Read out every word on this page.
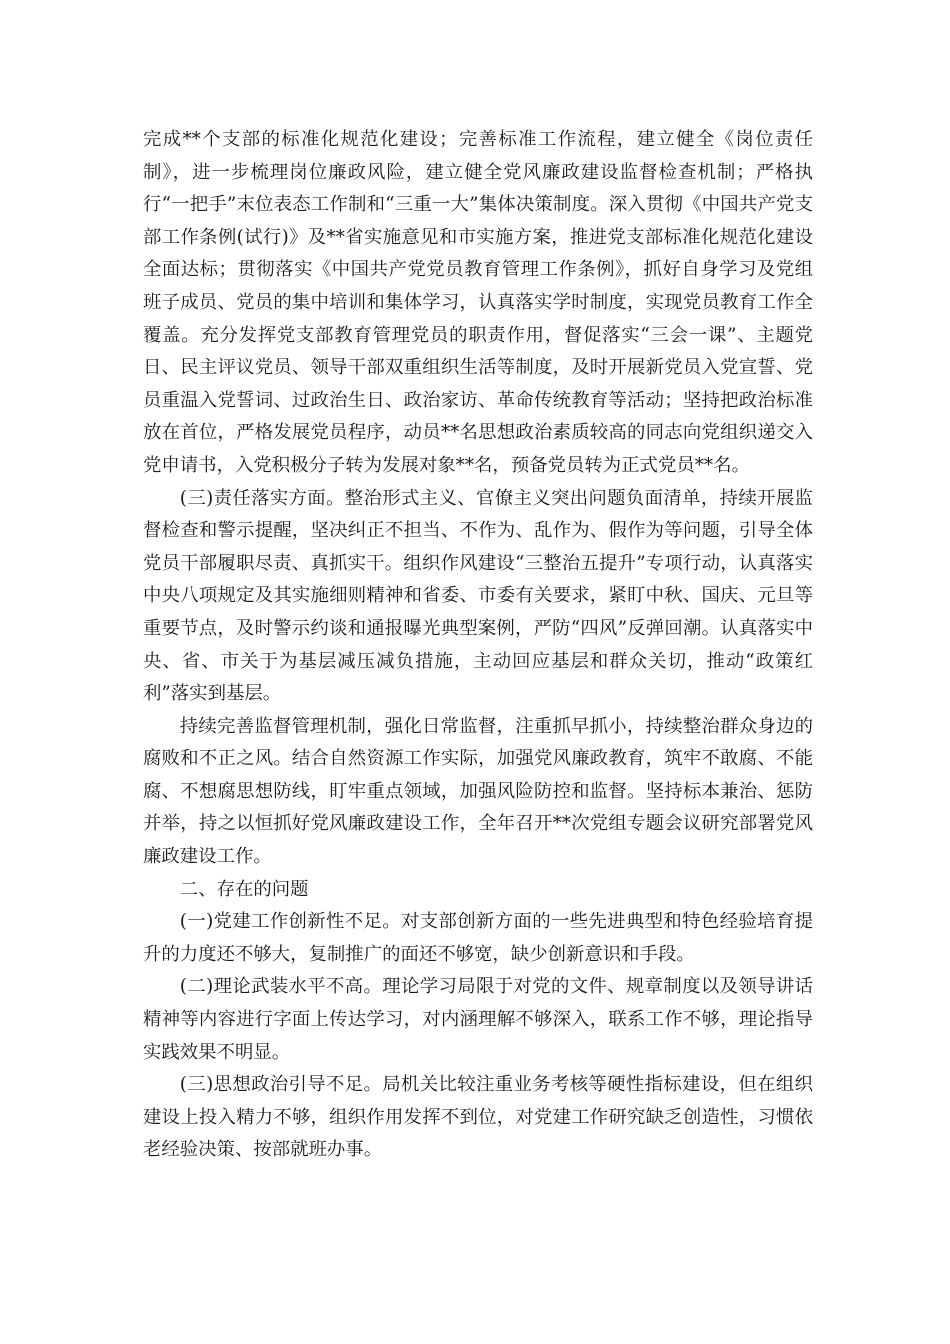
完成**个支部的标准化规范化建设；完善标准工作流程，建立健全《岗位责任制》，进一步梳理岗位廉政风险，建立健全党风廉政建设监督检查机制；严格执行“一把手”末位表态工作制和“三重一大”集体决策制度。深入贯彻《中国共产党支部工作条例(试行)》及**省实施意见和市实施方案，推进党支部标准化规范化建设全面达标；贯彻落实《中国共产党党员教育管理工作条例》，抓好自身学习及党组班子成员、党员的集中培训和集体学习，认真落实学时制度，实现党员教育工作全覆盖。充分发挥党支部教育管理党员的职责作用，督促落实“三会一课”、主题党日、民主评议党员、领导干部双重组织生活等制度，及时开展新党员入党宣誓、党员重温入党誓词、过政治生日、政治家访、革命传统教育等活动；坚持把政治标准放在首位，严格发展党员程序，动员**名思想政治素质较高的同志向党组织递交入党申请书，入党积极分子转为发展对象**名，预备党员转为正式党员**名。

(三)责任落实方面。整治形式主义、官僚主义突出问题负面清单，持续开展监督检查和警示提醒，坚决纠正不担当、不作为、乱作为、假作为等问题，引导全体党员干部履职尽责、真抓实干。组织作风建设“三整治五提升”专项行动，认真落实中央八项规定及其实施细则精神和省委、市委有关要求，紧盯中秋、国庆、元旦等重要节点，及时警示约谈和通报曝光典型案例，严防“四风”反弹回潮。认真落实中央、省、市关于为基层减压减负措施，主动回应基层和群众关切，推动“政策红利”落实到基层。

持续完善监督管理机制，强化日常监督，注重抓早抓小，持续整治群众身边的腐败和不正之风。结合自然资源工作实际，加强党风廉政教育，筑牢不敢腐、不能腐、不想腐思想防线，盯牢重点领域，加强风险防控和监督。坚持标本兼治、惩防并举，持之以恒抓好党风廉政建设工作，全年召开**次党组专题会议研究部署党风廉政建设工作。

二、存在的问题

(一)党建工作创新性不足。对支部创新方面的一些先进典型和特色经验培育提升的力度还不够大，复制推广的面还不够宽，缺少创新意识和手段。

(二)理论武装水平不高。理论学习局限于对党的文件、规章制度以及领导讲话精神等内容进行字面上传达学习，对内涵理解不够深入，联系工作不够，理论指导实践效果不明显。

(三)思想政治引导不足。局机关比较注重业务考核等硬性指标建设，但在组织建设上投入精力不够，组织作用发挥不到位，对党建工作研究缺乏创造性，习惯依老经验决策、按部就班办事。
